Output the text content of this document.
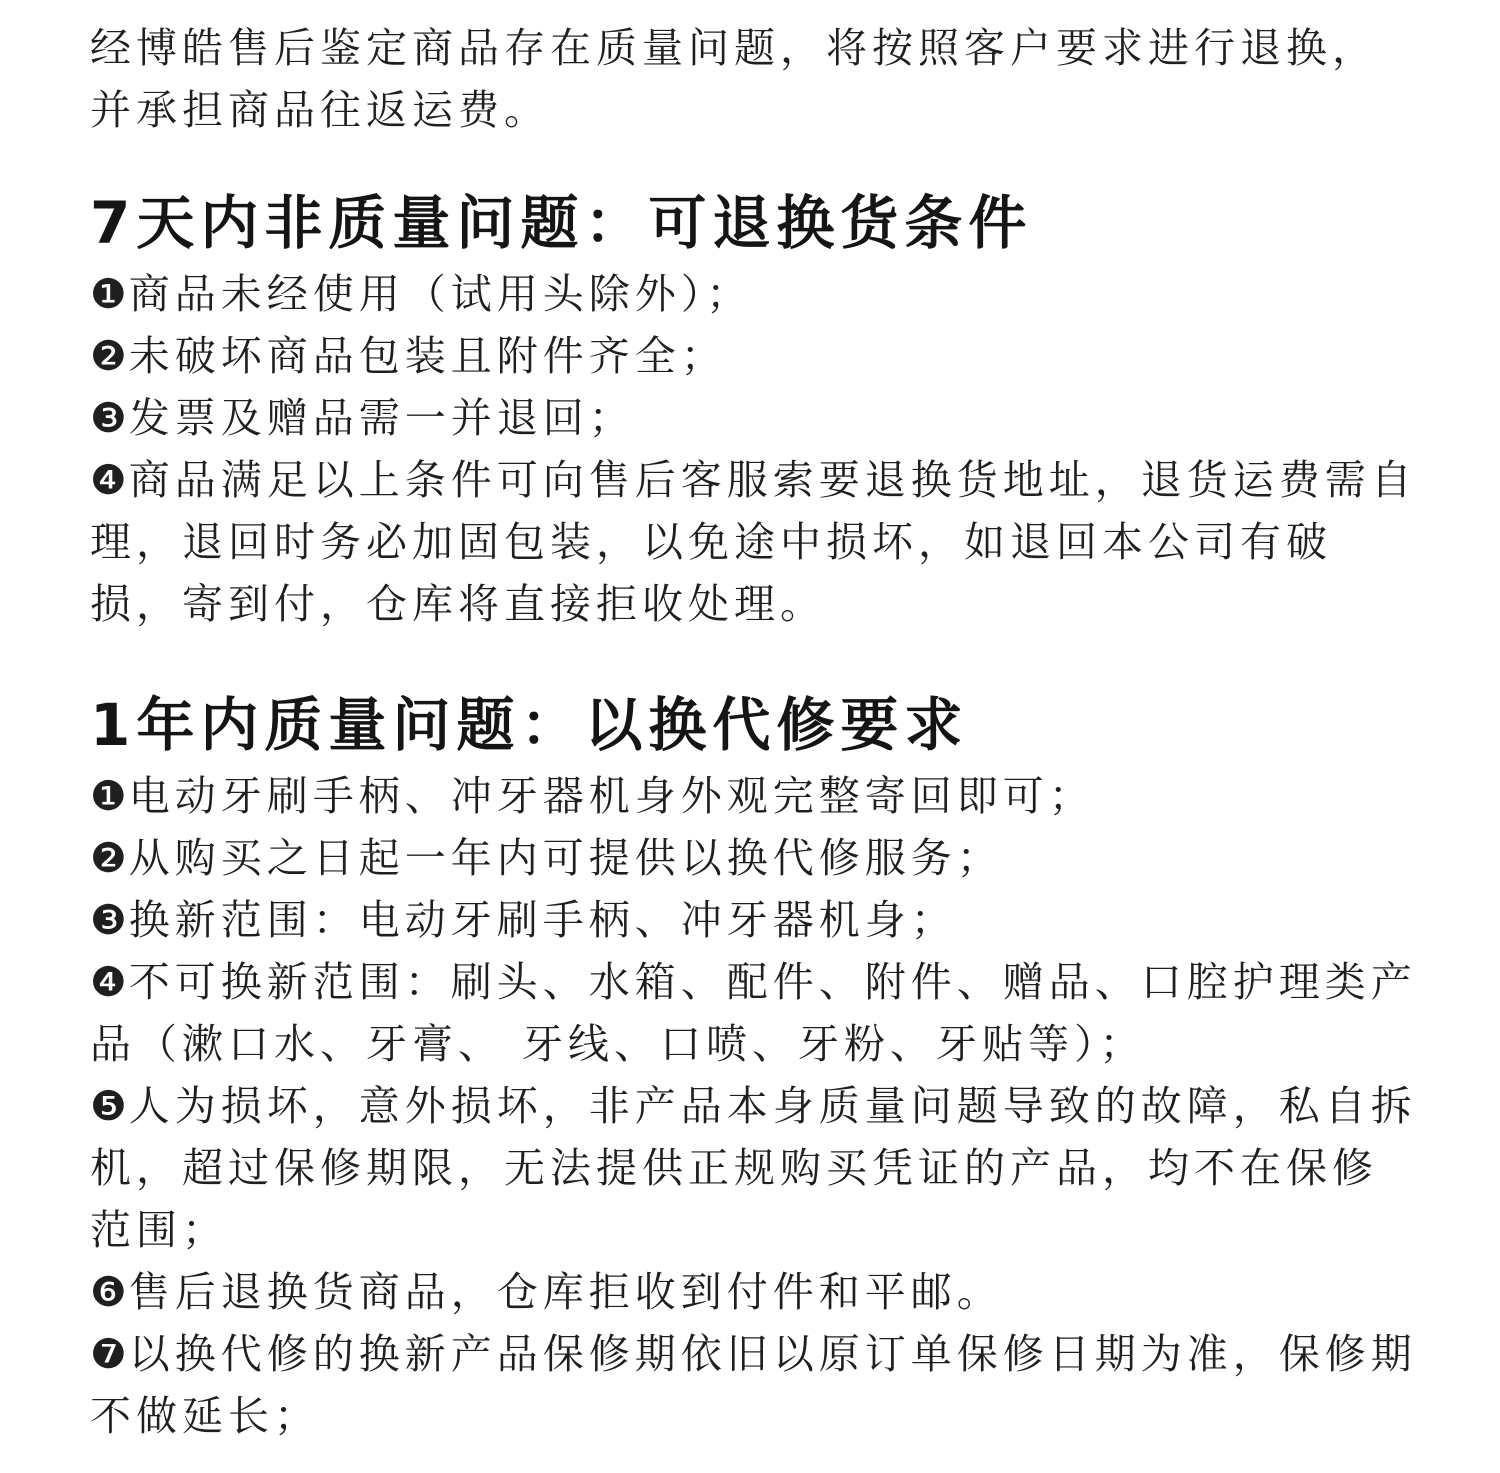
经博皓售后鉴定商品存在质量问题，将按照客户要求进行退换，并承担商品往返运费。

7天内非质量问题：可退换货条件
❶商品未经使用（试用头除外）；
❷未破坏商品包装且附件齐全；
❸发票及赠品需一并退回；
❹商品满足以上条件可向售后客服索要退换货地址，退货运费需自理，退回时务必加固包装，以免途中损坏，如退回本公司有破损，寄到付，仓库将直接拒收处理。
1年内质量问题：以换代修要求
❶电动牙刷手柄、冲牙器机身外观完整寄回即可；
❷从购买之日起一年内可提供以换代修服务；
❸换新范围：电动牙刷手柄、冲牙器机身；
❹不可换新范围：刷头、水箱、配件、附件、赠品、口腔护理类产品（漱口水、牙膏、 牙线、口喷、牙粉、牙贴等）；
❺人为损坏，意外损坏，非产品本身质量问题导致的故障，私自拆机，超过保修期限，无法提供正规购买凭证的产品，均不在保修范围；
❻售后退换货商品，仓库拒收到付件和平邮。
❼以换代修的换新产品保修期依旧以原订单保修日期为准，保修期不做延长；
